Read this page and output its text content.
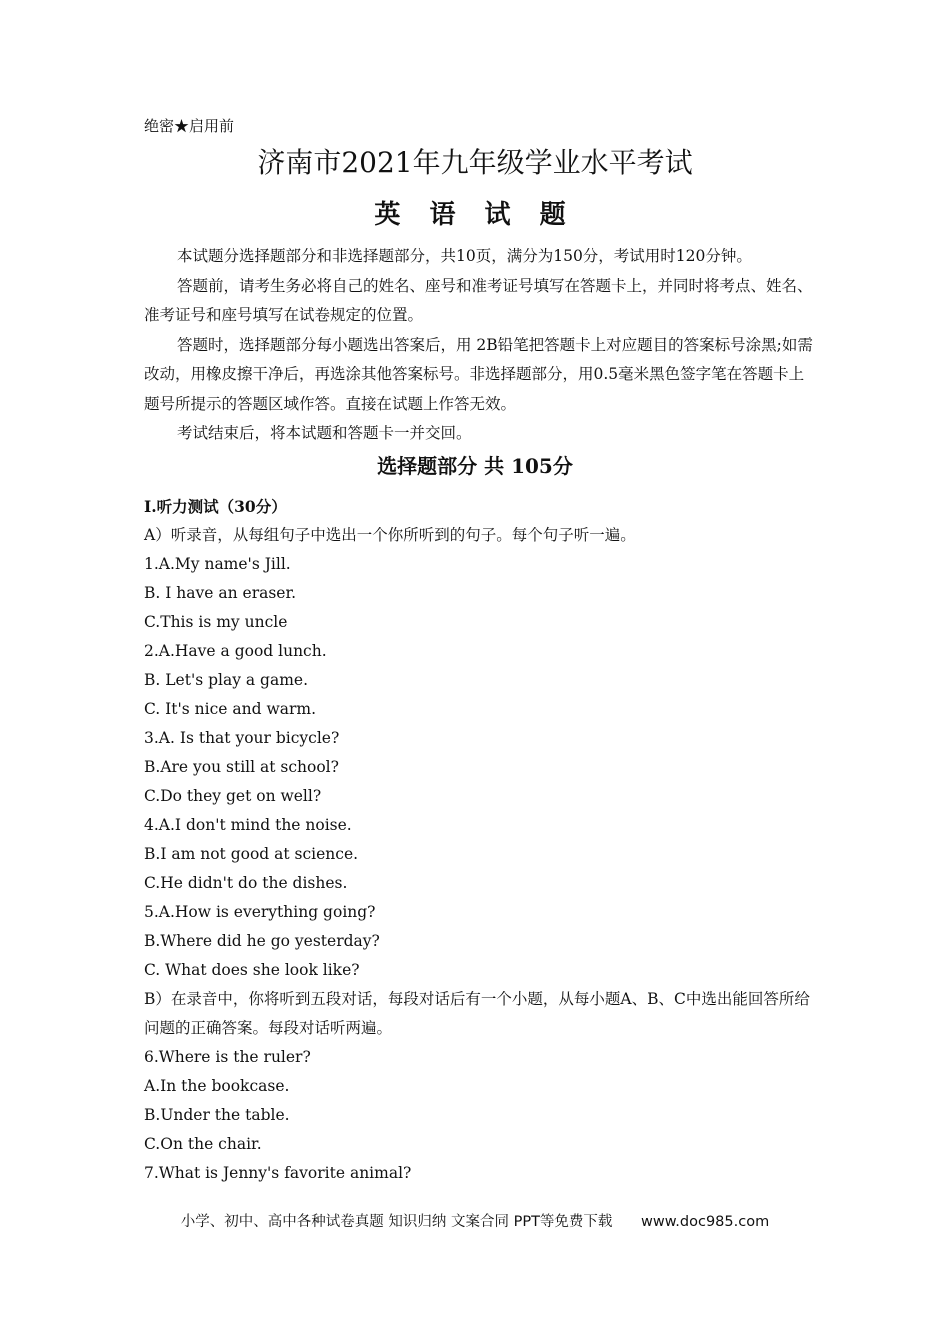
绝密★启用前
济南市2021年九年级学业水平考试
英 语 试 题

本试题分选择题部分和非选择题部分，共10页，满分为150分，考试用时120分钟。

答题前，请考生务必将自己的姓名、座号和准考证号填写在答题卡上，并同时将考点、姓名、准考证号和座号填写在试卷规定的位置。

答题时，选择题部分每小题选出答案后，用 2B铅笔把答题卡上对应题目的答案标号涂黑;如需改动，用橡皮擦干净后，再选涂其他答案标号。非选择题部分，用0.5毫米黑色签字笔在答题卡上题号所提示的答题区域作答。直接在试题上作答无效。

考试结束后，将本试题和答题卡一并交回。

选择题部分 共 105分
I.听力测试（30分）
A）听录音，从每组句子中选出一个你所听到的句子。每个句子听一遍。
1.A.My name's Jill.
B. I have an eraser.
C.This is my uncle
2.A.Have a good lunch.
B. Let's play a game.
C. It's nice and warm.
3.A. Is that your bicycle?
B.Are you still at school?
C.Do they get on well?
4.A.I don't mind the noise.
B.I am not good at science.
C.He didn't do the dishes.
5.A.How is everything going?
B.Where did he go yesterday?
C. What does she look like?
B）在录音中，你将听到五段对话，每段对话后有一个小题，从每小题A、B、C中选出能回答所给问题的正确答案。每段对话听两遍。
6.Where is the ruler?
A.In the bookcase.
B.Under the table.
C.On the chair.
7.What is Jenny's favorite animal?
小学、初中、高中各种试卷真题 知识归纳 文案合同 PPT等免费下载 www.doc985.com
